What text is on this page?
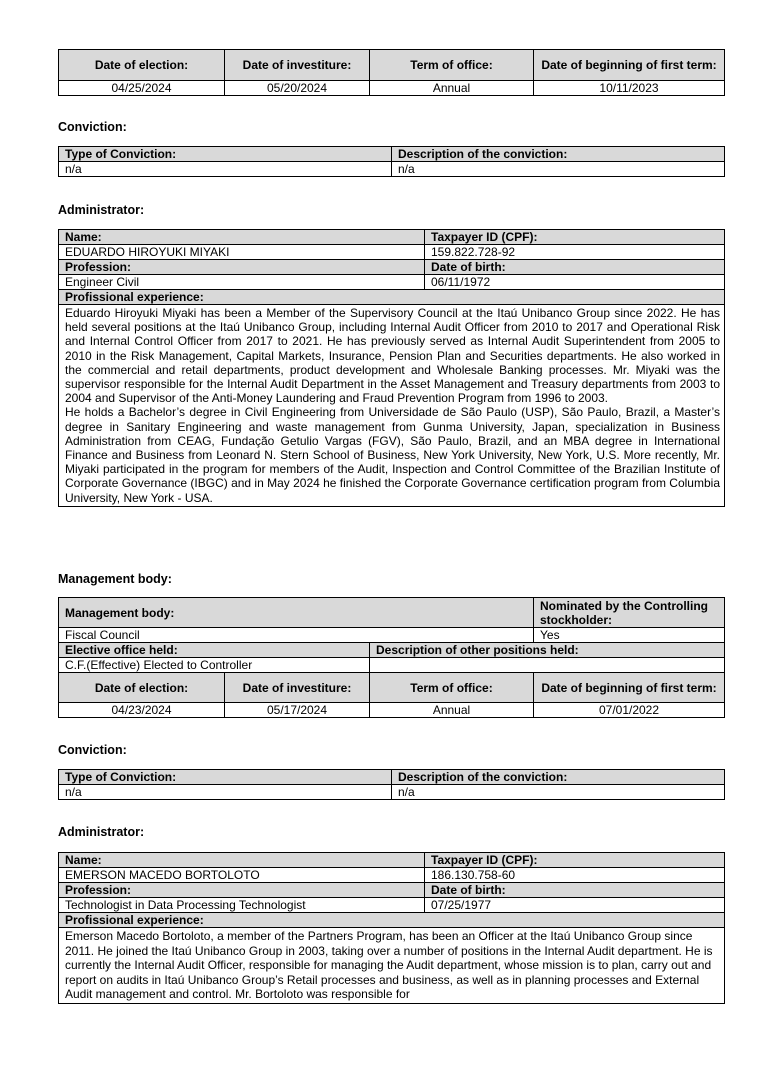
Date of election:	Date of investiture:	Term of office:	Date of beginning of first term:
04/25/2024	05/20/2024	Annual	10/11/2023
Conviction:
Type of Conviction:	Description of the conviction:
n/a	n/a
Administrator:
Name:	Taxpayer ID (CPF):
EDUARDO HIROYUKI MIYAKI	159.822.728-92
Profession:	Date of birth:
Engineer Civil	06/11/1972
Profissional experience:	

Eduardo Hiroyuki Miyaki has been a Member of the Supervisory Council at the Itaú Unibanco Group since 2022. He has held several positions at the Itaú Unibanco Group, including Internal Audit Officer from 2010 to 2017 and Operational Risk and Internal Control Officer from 2017 to 2021. He has previously served as Internal Audit Superintendent from 2005 to 2010 in the Risk Management, Capital Markets, Insurance, Pension Plan and Securities departments. He also worked in the commercial and retail departments, product development and Wholesale Banking processes. Mr. Miyaki was the supervisor responsible for the Internal Audit Department in the Asset Management and Treasury departments from 2003 to 2004 and Supervisor of the Anti-Money Laundering and Fraud Prevention Program from 1996 to 2003.

He holds a Bachelor’s degree in Civil Engineering from Universidade de São Paulo (USP), São Paulo, Brazil, a Master’s degree in Sanitary Engineering and waste management from Gunma University, Japan, specialization in Business Administration from CEAG, Fundação Getulio Vargas (FGV), São Paulo, Brazil, and an MBA degree in International Finance and Business from Leonard N. Stern School of Business, New York University, New York, U.S. More recently, Mr. Miyaki participated in the program for members of the Audit, Inspection and Control Committee of the Brazilian Institute of Corporate Governance (IBGC) and in May 2024 he finished the Corporate Governance certification program from Columbia University, New York - USA.	

Management body:
Management body:		Nominated by the Controlling stockholder:
Fiscal Council		Yes
Elective office held:	Description of other positions held:	
C.F.(Effective) Elected to Controller		
Date of election:	Date of investiture:	Term of office:	Date of beginning of first term:
04/23/2024	05/17/2024	Annual	07/01/2022
Conviction:
Type of Conviction:	Description of the conviction:
n/a	n/a
Administrator:
Name:	Taxpayer ID (CPF):
EMERSON MACEDO BORTOLOTO	186.130.758-60
Profession:	Date of birth:
Technologist in Data Processing Technologist	07/25/1977
Profissional experience:	

Emerson Macedo Bortoloto, a member of the Partners Program, has been an Officer at the Itaú Unibanco Group since 2011. He joined the Itaú Unibanco Group in 2003, taking over a number of positions in the Internal Audit department. He is currently the Internal Audit Officer, responsible for managing the Audit department, whose mission is to plan, carry out and report on audits in Itaú Unibanco Group’s Retail processes and business, as well as in planning processes and External Audit management and control. Mr. Bortoloto was responsible for	
